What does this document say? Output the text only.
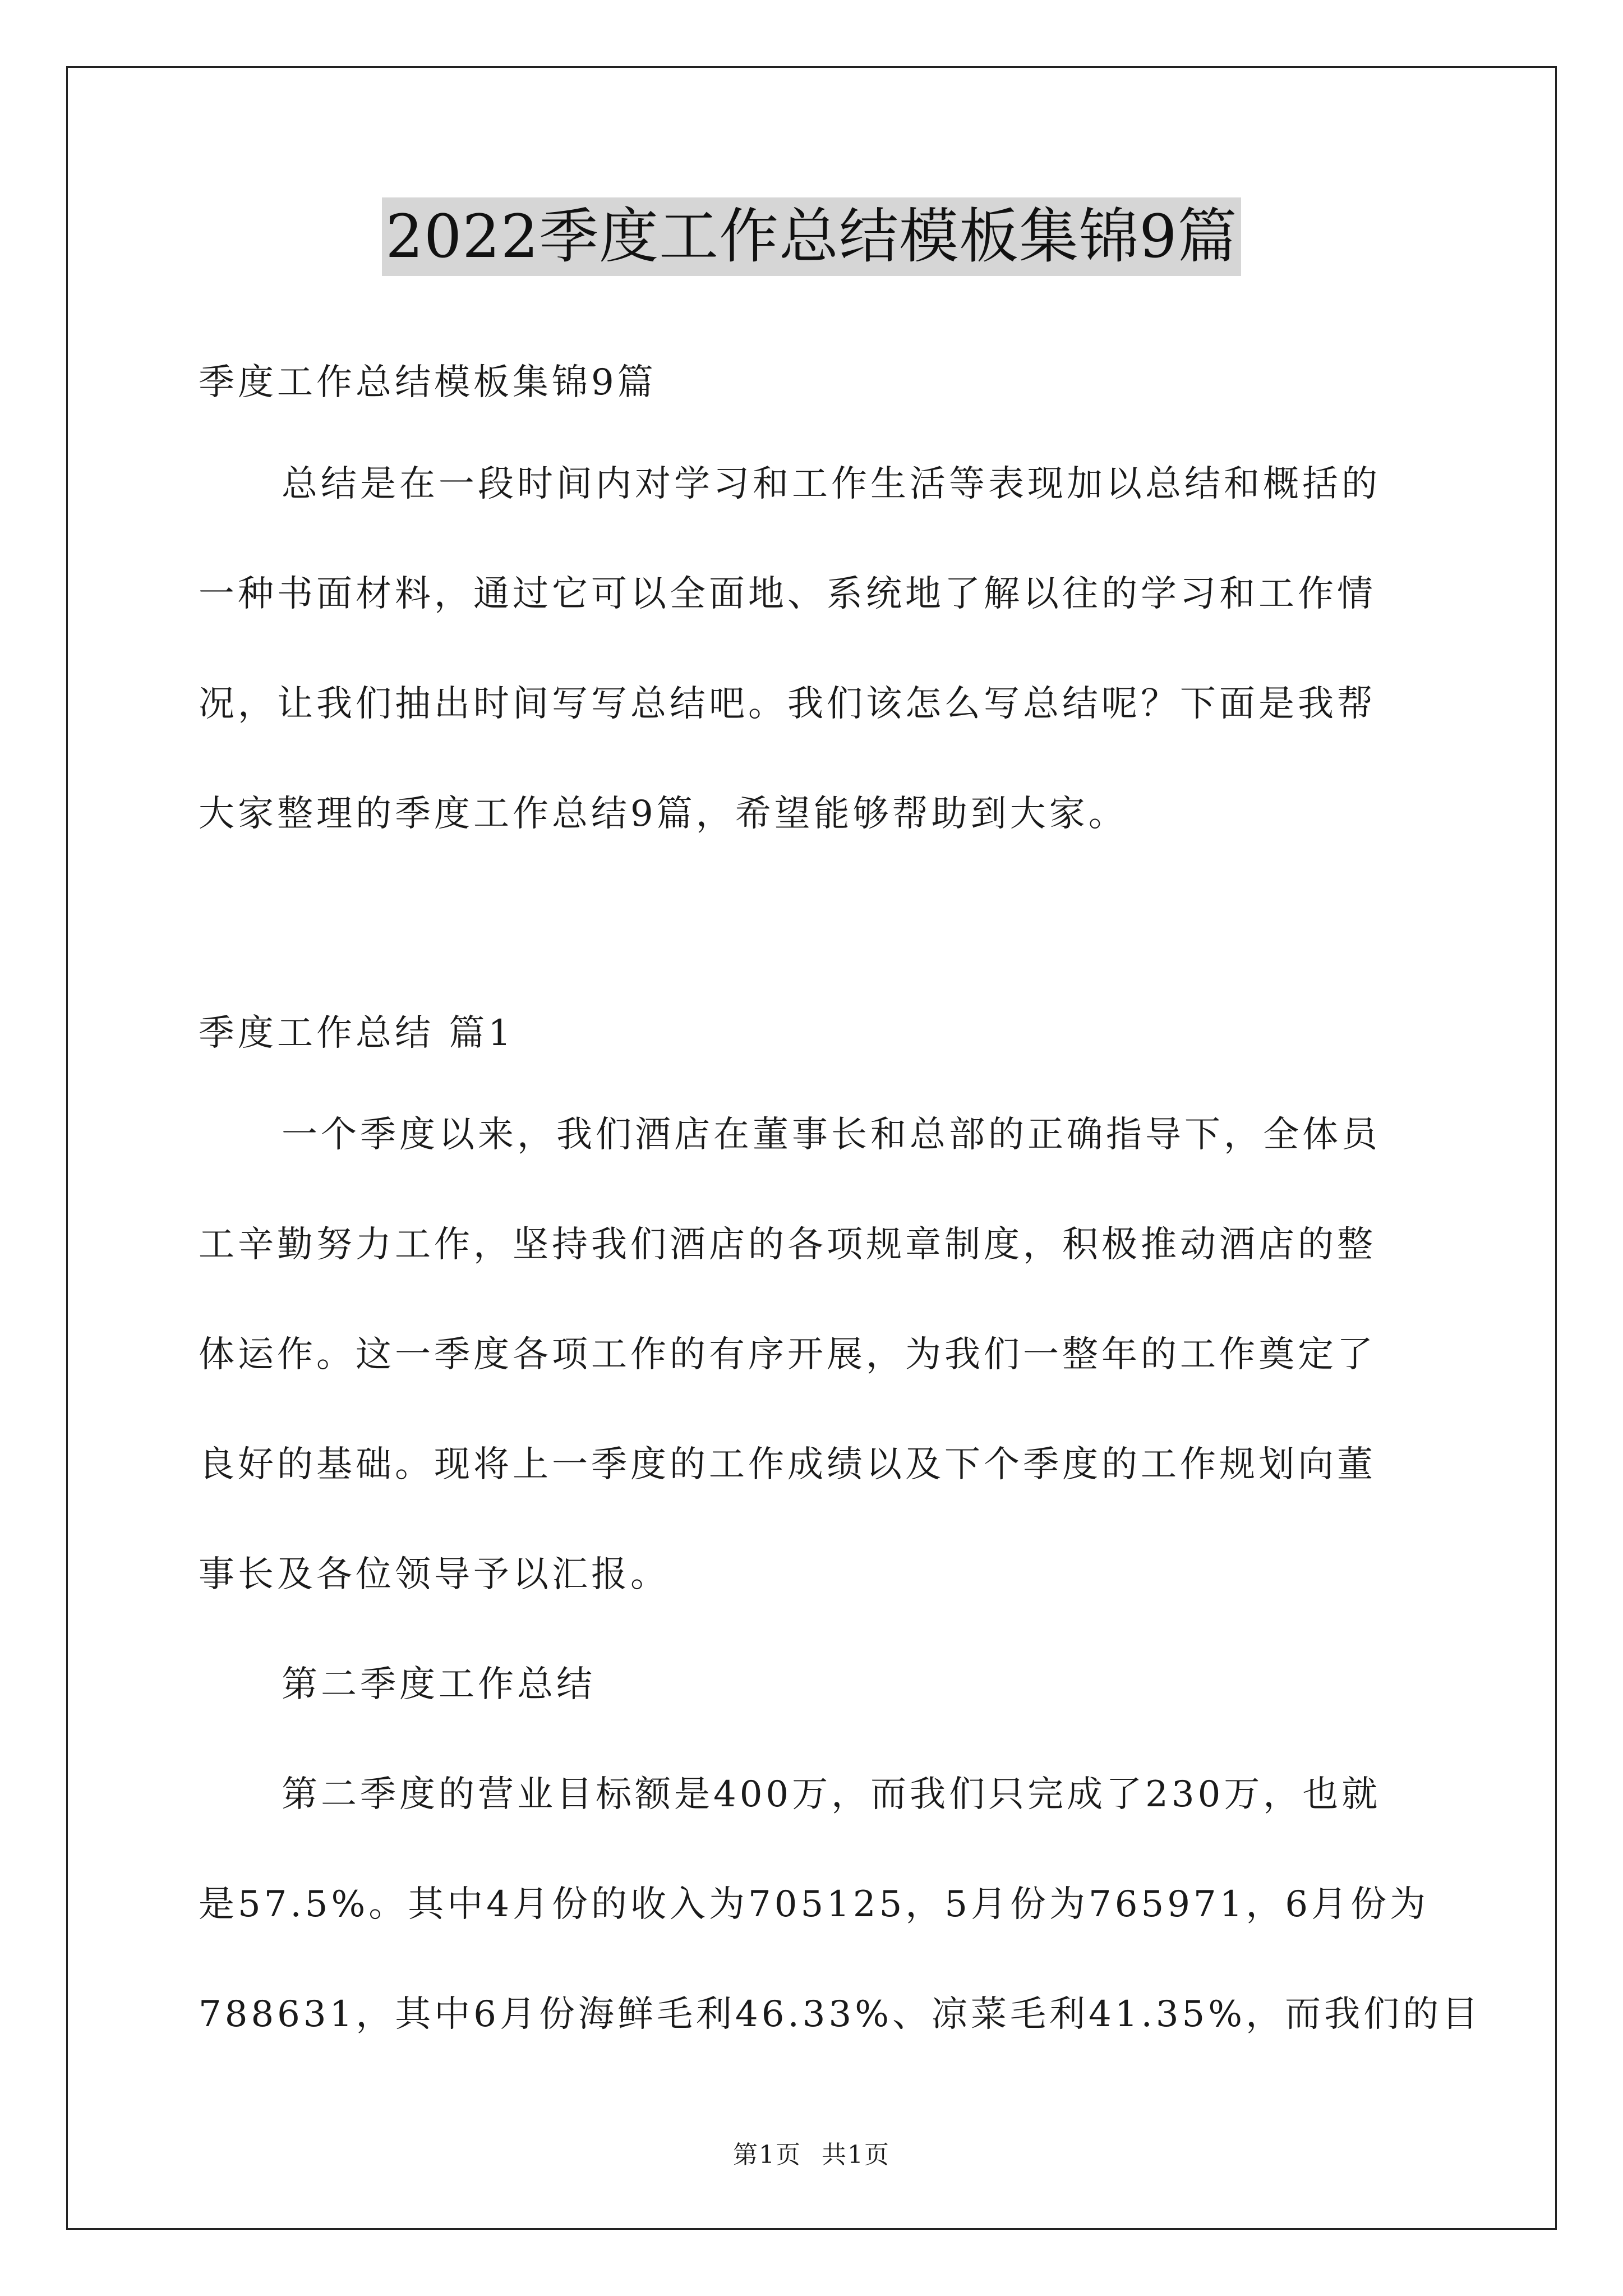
2022季度工作总结模板集锦9篇
季度工作总结模板集锦9篇
总结是在一段时间内对学习和工作生活等表现加以总结和概括的
一种书面材料，通过它可以全面地、系统地了解以往的学习和工作情
况，让我们抽出时间写写总结吧。我们该怎么写总结呢？下面是我帮
大家整理的季度工作总结9篇，希望能够帮助到大家。
季度工作总结 篇1
一个季度以来，我们酒店在董事长和总部的正确指导下，全体员
工辛勤努力工作，坚持我们酒店的各项规章制度，积极推动酒店的整
体运作。这一季度各项工作的有序开展，为我们一整年的工作奠定了
良好的基础。现将上一季度的工作成绩以及下个季度的工作规划向董
事长及各位领导予以汇报。
第二季度工作总结
第二季度的营业目标额是400万，而我们只完成了230万，也就
是57.5%。其中4月份的收入为705125，5月份为765971，6月份为
788631，其中6月份海鲜毛利46.33%、凉菜毛利41.35%，而我们的目
第1页 共1页
